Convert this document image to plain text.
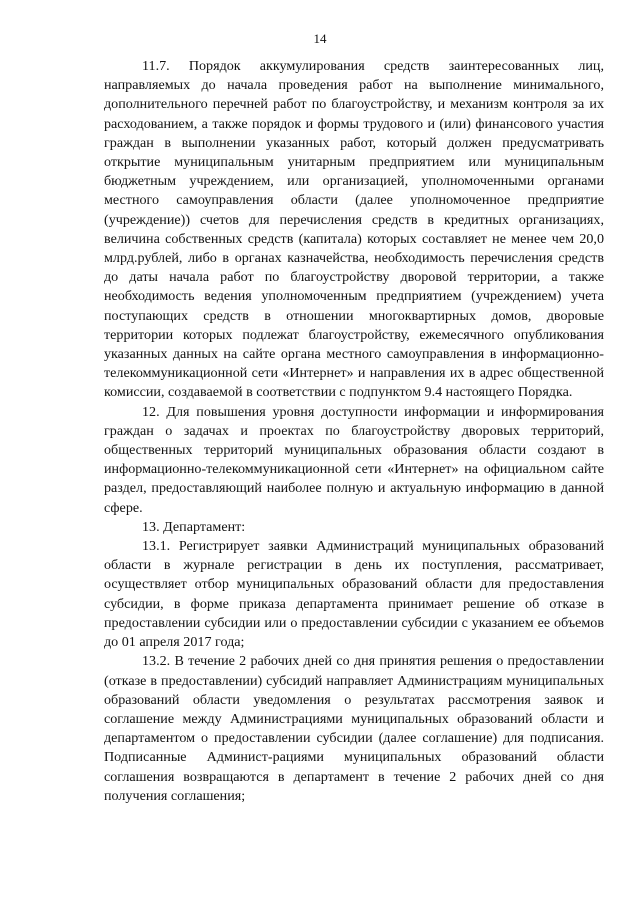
14

11.7. Порядок аккумулирования средств заинтересованных лиц, направляемых до начала проведения работ на выполнение минимального, дополнительного перечней работ по благоустройству, и механизм контроля за их расходованием, а также порядок и формы трудового и (или) финансового участия граждан в выполнении указанных работ, который должен предусматривать открытие муниципальным унитарным предприятием или муниципальным бюджетным учреждением, или организацией, уполномоченными органами местного самоуправления области (далее уполномоченное предприятие (учреждение)) счетов для перечисления средств в кредитных организациях, величина собственных средств (капитала) которых составляет не менее чем 20,0 млрд.рублей, либо в органах казначейства, необходимость перечисления средств до даты начала работ по благоустройству дворовой территории, а также необходимость ведения уполномоченным предприятием (учреждением) учета поступающих средств в отношении многоквартирных домов, дворовые территории которых подлежат благоустройству, ежемесячного опубликования указанных данных на сайте органа местного самоуправления в информационно-телекоммуникационной сети «Интернет» и направления их в адрес общественной комиссии, создаваемой в соответствии с подпунктом 9.4 настоящего Порядка.

12. Для повышения уровня доступности информации и информирования граждан о задачах и проектах по благоустройству дворовых территорий, общественных территорий муниципальных образования области создают в информационно-телекоммуникационной сети «Интернет» на официальном сайте раздел, предоставляющий наиболее полную и актуальную информацию в данной сфере.

13. Департамент:

13.1. Регистрирует заявки Администраций муниципальных образований области в журнале регистрации в день их поступления, рассматривает, осуществляет отбор муниципальных образований области для предоставления субсидии, в форме приказа департамента принимает решение об отказе в предоставлении субсидии или о предоставлении субсидии с указанием ее объемов до 01 апреля 2017 года;

13.2. В течение 2 рабочих дней со дня принятия решения о предоставлении (отказе в предоставлении) субсидий направляет Администрациям муниципальных образований области уведомления о результатах рассмотрения заявок и соглашение между Администрациями муниципальных образований области и департаментом о предоставлении субсидии (далее соглашение) для подписания. Подписанные Админист-рациями муниципальных образований области соглашения возвращаются в департамент в течение 2 рабочих дней со дня получения соглашения;
